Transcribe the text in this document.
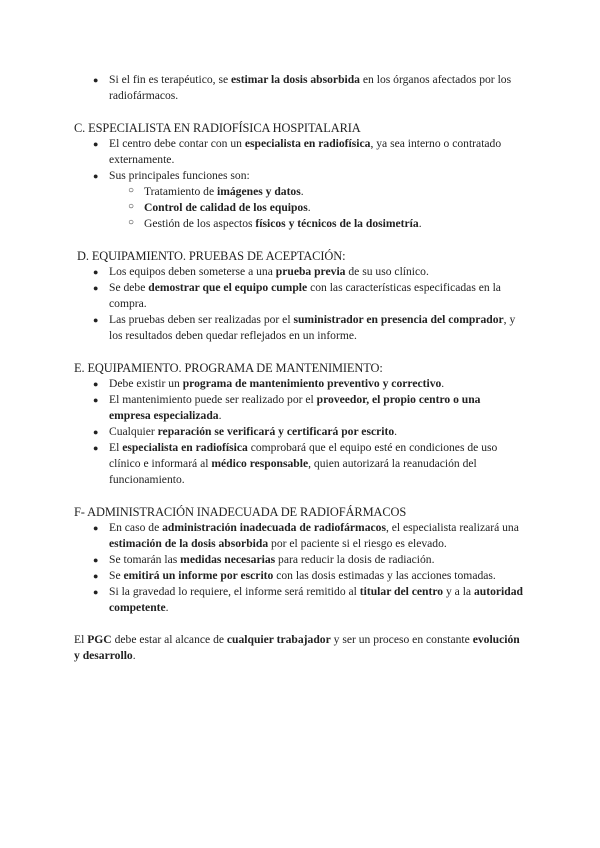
● Si el fin es terapéutico, se estimar la dosis absorbida en los órganos afectados por los radiofármacos.
C. ESPECIALISTA EN RADIOFÍSICA HOSPITALARIA
● El centro debe contar con un especialista en radiofísica, ya sea interno o contratado externamente.
● Sus principales funciones son:
○ Tratamiento de imágenes y datos.
○ Control de calidad de los equipos.
○ Gestión de los aspectos físicos y técnicos de la dosimetría.
D. EQUIPAMIENTO. PRUEBAS DE ACEPTACIÓN:
● Los equipos deben someterse a una prueba previa de su uso clínico.
● Se debe demostrar que el equipo cumple con las características especificadas en la compra.
● Las pruebas deben ser realizadas por el suministrador en presencia del comprador, y los resultados deben quedar reflejados en un informe.
E. EQUIPAMIENTO. PROGRAMA DE MANTENIMIENTO:
● Debe existir un programa de mantenimiento preventivo y correctivo.
● El mantenimiento puede ser realizado por el proveedor, el propio centro o una empresa especializada.
● Cualquier reparación se verificará y certificará por escrito.
● El especialista en radiofísica comprobará que el equipo esté en condiciones de uso clínico e informará al médico responsable, quien autorizará la reanudación del funcionamiento.
F- ADMINISTRACIÓN INADECUADA DE RADIOFÁRMACOS
● En caso de administración inadecuada de radiofármacos, el especialista realizará una estimación de la dosis absorbida por el paciente si el riesgo es elevado.
● Se tomarán las medidas necesarias para reducir la dosis de radiación.
● Se emitirá un informe por escrito con las dosis estimadas y las acciones tomadas.
● Si la gravedad lo requiere, el informe será remitido al titular del centro y a la autoridad competente.
El PGC debe estar al alcance de cualquier trabajador y ser un proceso en constante evolución y desarrollo.
